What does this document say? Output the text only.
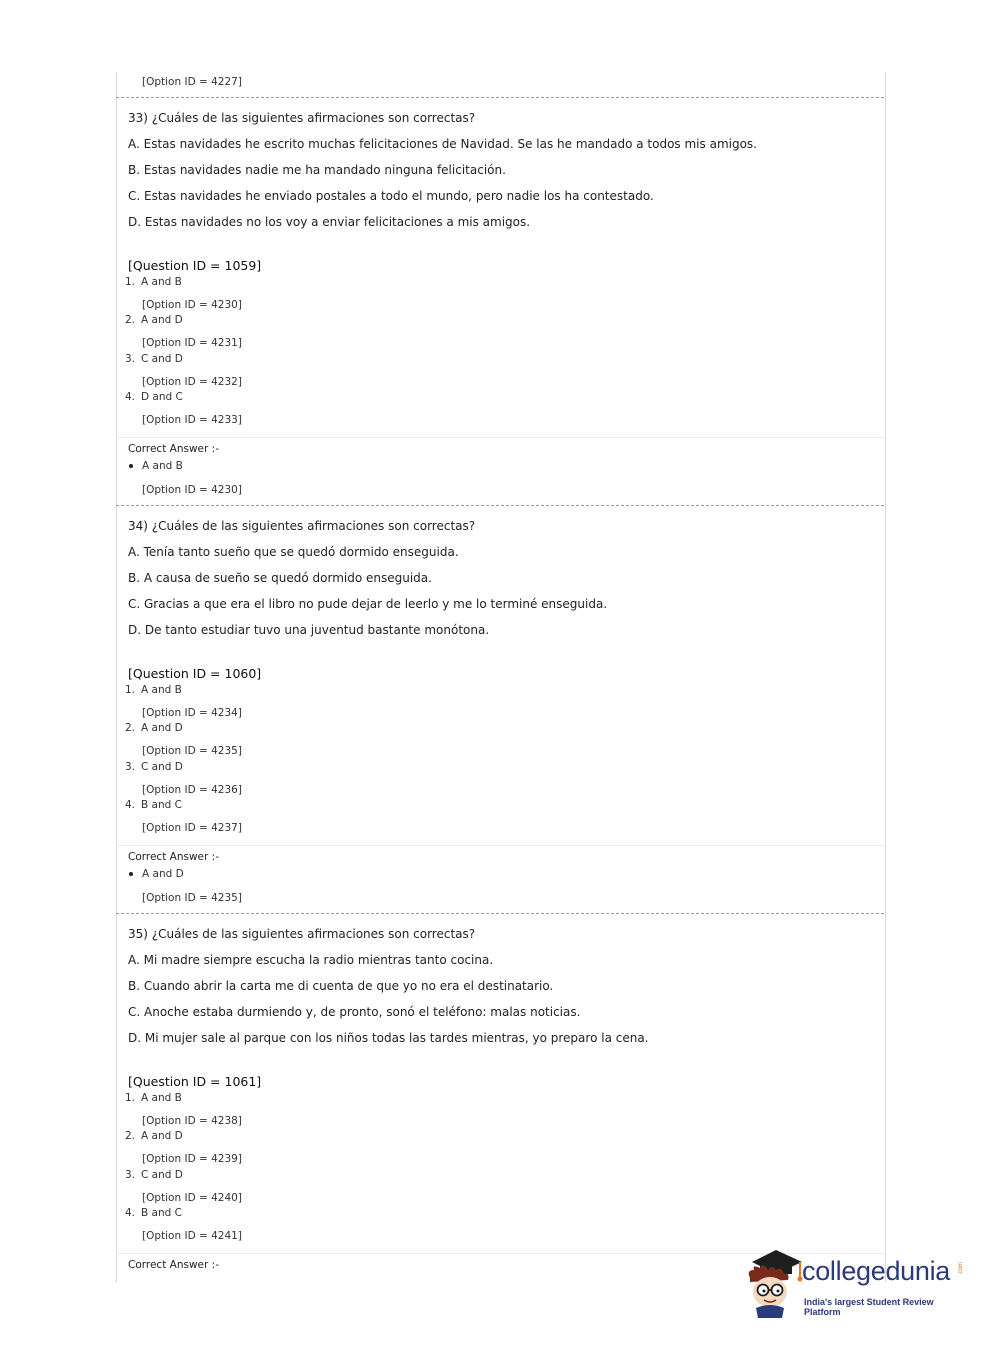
[Option ID = 4227]
33) ¿Cuáles de las siguientes afirmaciones son correctas?
A. Estas navidades he escrito muchas felicitaciones de Navidad. Se las he mandado a todos mis amigos.
B. Estas navidades nadie me ha mandado ninguna felicitación.
C. Estas navidades he enviado postales a todo el mundo, pero nadie los ha contestado.
D. Estas navidades no los voy a enviar felicitaciones a mis amigos.
[Question ID = 1059]
1. A and B
[Option ID = 4230]
2. A and D
[Option ID = 4231]
3. C and D
[Option ID = 4232]
4. D and C
[Option ID = 4233]
Correct Answer :-
A and B
[Option ID = 4230]
34) ¿Cuáles de las siguientes afirmaciones son correctas?
A. Tenía tanto sueño que se quedó dormido enseguida.
B. A causa de sueño se quedó dormido enseguida.
C. Gracias a que era el libro no pude dejar de leerlo y me lo terminé enseguida.
D. De tanto estudiar tuvo una juventud bastante monótona.
[Question ID = 1060]
1. A and B
[Option ID = 4234]
2. A and D
[Option ID = 4235]
3. C and D
[Option ID = 4236]
4. B and C
[Option ID = 4237]
Correct Answer :-
A and D
[Option ID = 4235]
35) ¿Cuáles de las siguientes afirmaciones son correctas?
A. Mi madre siempre escucha la radio mientras tanto cocina.
B. Cuando abrir la carta me di cuenta de que yo no era el destinatario.
C. Anoche estaba durmiendo y, de pronto, sonó el teléfono: malas noticias.
D. Mi mujer sale al parque con los niños todas las tardes mientras, yo preparo la cena.
[Question ID = 1061]
1. A and B
[Option ID = 4238]
2. A and D
[Option ID = 4239]
3. C and D
[Option ID = 4240]
4. B and C
[Option ID = 4241]
Correct Answer :-	collegedunia .com
India's largest Student Review Platform
